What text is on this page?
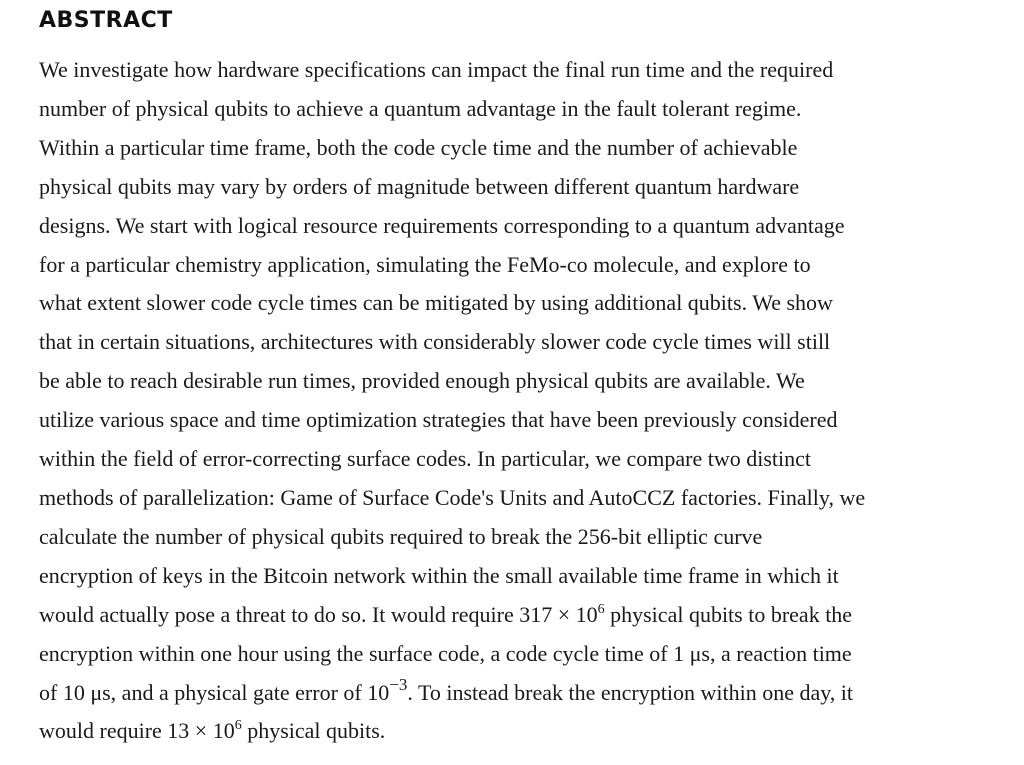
ABSTRACT
We investigate how hardware specifications can impact the final run time and the required
number of physical qubits to achieve a quantum advantage in the fault tolerant regime.
Within a particular time frame, both the code cycle time and the number of achievable
physical qubits may vary by orders of magnitude between different quantum hardware
designs. We start with logical resource requirements corresponding to a quantum advantage
for a particular chemistry application, simulating the FeMo-co molecule, and explore to
what extent slower code cycle times can be mitigated by using additional qubits. We show
that in certain situations, architectures with considerably slower code cycle times will still
be able to reach desirable run times, provided enough physical qubits are available. We
utilize various space and time optimization strategies that have been previously considered
within the field of error-correcting surface codes. In particular, we compare two distinct
methods of parallelization: Game of Surface Code's Units and AutoCCZ factories. Finally, we
calculate the number of physical qubits required to break the 256-bit elliptic curve
encryption of keys in the Bitcoin network within the small available time frame in which it
would actually pose a threat to do so. It would require $317 \times 10^6$ physical qubits to break the
encryption within one hour using the surface code, a code cycle time of 1 μs, a reaction time
of 10 μs, and a physical gate error of $10^{-3}$. To instead break the encryption within one day, it
would require $13 \times 10^6$ physical qubits.
